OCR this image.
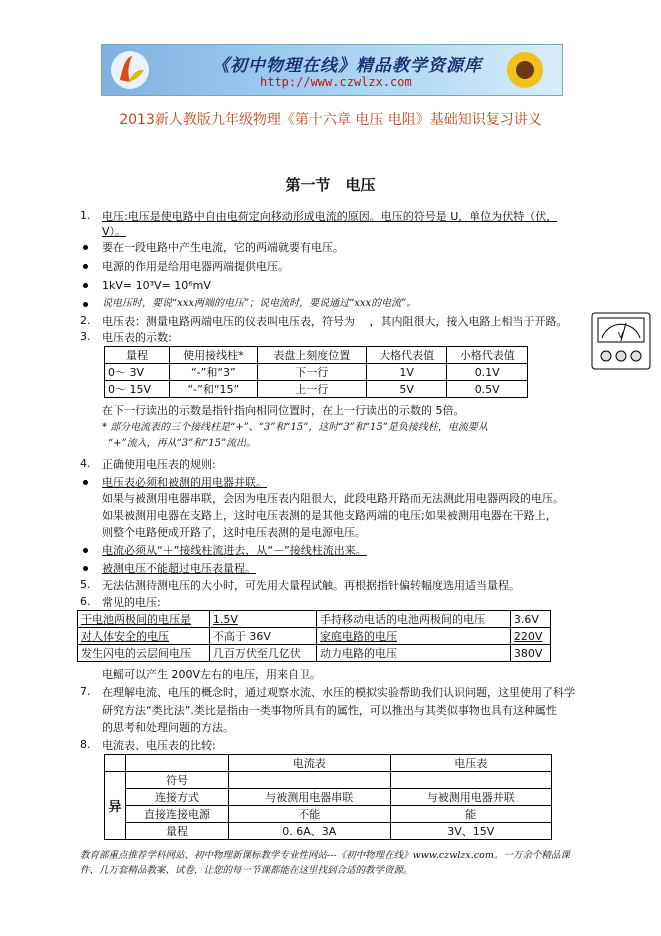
《初中物理在线》精品教学资源库
http://www.czwlzx.com
2013新人教版九年级物理《第十六章 电压 电阻》基础知识复习讲义
第一节　电压
1. 电压:电压是使电路中自由电荷定向移动形成电流的原因。电压的符号是 U，单位为伏特（伏，
V）。
要在一段电路中产生电流，它的两端就要有电压。
电源的作用是给用电器两端提供电压。
1kV= 10³V= 10⁶mV
说电压时，要说“xxx两端的电压”；说电流时，要说通过“xxx的电流”。
2. 电压表：测量电路两端电压的仪表叫电压表，符号为 　，其内阻很大，接入电路上相当于开路。
V
3. 电压表的示数:
量程	使用接线柱*	表盘上刻度位置	大格代表值	小格代表值
0～ 3V	“-”和“3”	下一行	1V	0.1V
0～ 15V	“-”和“15”	上一行	5V	0.5V
在下一行读出的示数是指针指向相同位置时，在上一行读出的示数的 5倍。
* 部分电流表的三个接线柱是“+”、“3”和“15”，这时“3”和“15”是负接线柱，电流要从
“+”流入，再从“3”和“15”流出。
4. 正确使用电压表的规则:
电压表必须和被测的用电器并联。
如果与被测用电器串联，会因为电压表内阻很大，此段电路开路而无法测此用电器两段的电压。
如果被测用电器在支路上，这时电压表测的是其他支路两端的电压;如果被测用电器在干路上，
则整个电路便成开路了，这时电压表测的是电源电压。
电流必须从“＋”接线柱流进去，从“－”接线柱流出来。
被测电压不能超过电压表量程。
5. 无法估测待测电压的大小时，可先用大量程试触。再根据指针偏转幅度选用适当量程。
6. 常见的电压:
干电池两极间的电压是	1.5V	手持移动电话的电池两极间的电压	3.6V
对人体安全的电压	不高于 36V	家庭电路的电压	220V
发生闪电的云层间电压	几百万伏至几亿伏	动力电路的电压	380V
电鳐可以产生 200V左右的电压，用来自卫。
7. 在理解电流、电压的概念时，通过观察水流、水压的模拟实验帮助我们认识问题，这里使用了科学
研究方法“类比法”.类比是指由一类事物所具有的属性，可以推出与其类似事物也具有这种属性
的思考和处理问题的方法。
8. 电流表、电压表的比较:
		电流表	电压表
异	符号		
	连接方式	与被测用电器串联	与被测用电器并联
	直接连接电源	不能	能
	量程	0. 6A、3A	3V、15V
教育部重点推荐学科网站、初中物理新课标教学专业性网站---《初中物理在线》www.czwlzx.com。一万余个精品课
件、几万套精品教案、试卷，让您的每一节课都能在这里找到合适的教学资源。
